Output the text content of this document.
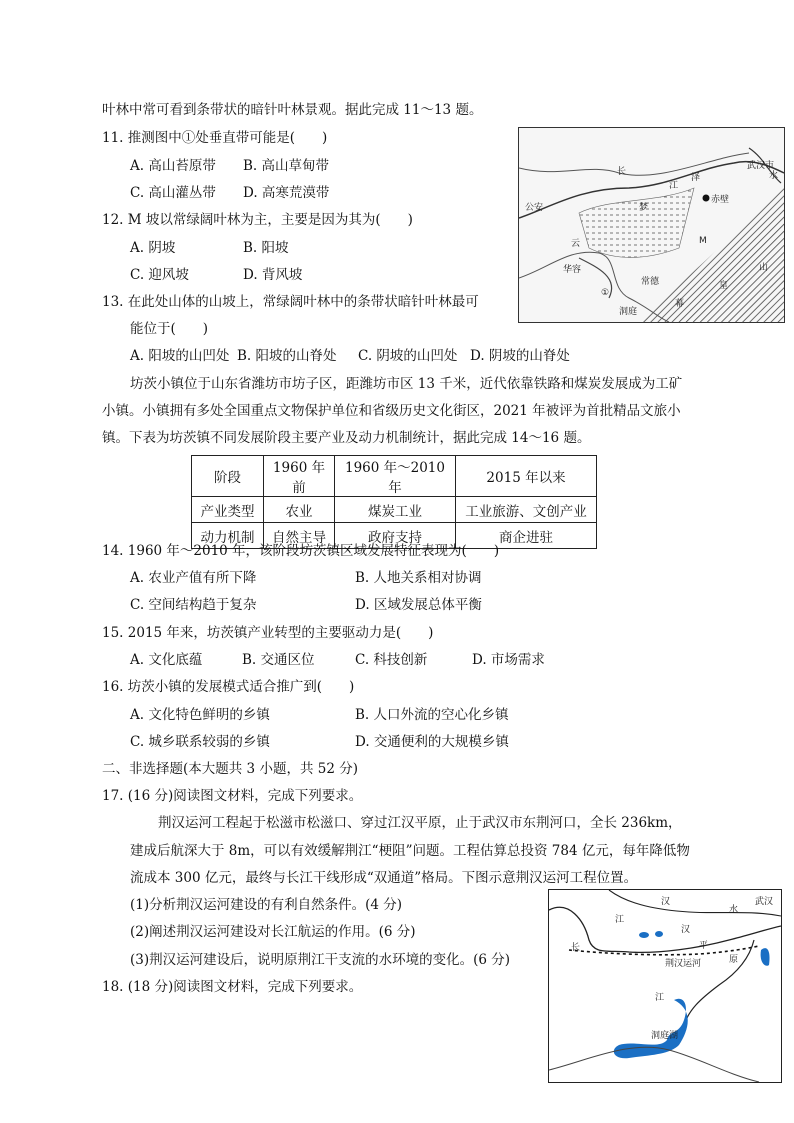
叶林中常可看到条带状的暗针叶林景观。据此完成 11～13 题。
11. 推测图中①处垂直带可能是(　　)
A. 高山苔原带 B. 高山草甸带
C. 高山灌丛带 D. 高寒荒漠带
12. M 坡以常绿阔叶林为主，主要是因为其为(　　)
A. 阴坡	B. 阳坡
C. 迎风坡	D. 背风坡
13. 在此处山体的山坡上，常绿阔叶林中的条带状暗针叶林最可
能位于(　　)
A. 阳坡的山凹处 B. 阳坡的山脊处 C. 阴坡的山凹处 D. 阴坡的山脊处
坊茨小镇位于山东省潍坊市坊子区，距潍坊市区 13 千米，近代依靠铁路和煤炭发展成为工矿
小镇。小镇拥有多处全国重点文物保护单位和省级历史文化街区，2021 年被评为首批精品文旅小
镇。下表为坊茨镇不同发展阶段主要产业及动力机制统计，据此完成 14～16 题。
阶段	1960 年前	1960 年～2010 年	2015 年以来
产业类型	农业	煤炭工业	工业旅游、文创产业
动力机制	自然主导	政府支持	商企进驻
14. 1960 年～2010 年，该阶段坊茨镇区域发展特征表现为(　　)
A. 农业产值有所下降	B. 人地关系相对协调
C. 空间结构趋于复杂	D. 区域发展总体平衡
15. 2015 年来，坊茨镇产业转型的主要驱动力是(　　)
A. 文化底蕴	B. 交通区位	C. 科技创新	D. 市场需求
16. 坊茨小镇的发展模式适合推广到(　　)
A. 文化特色鲜明的乡镇	B. 人口外流的空心化乡镇
C. 城乡联系较弱的乡镇	D. 交通便利的大规模乡镇
二、非选择题(本大题共 3 小题，共 52 分)
17. (16 分)阅读图文材料，完成下列要求。
荆汉运河工程起于松滋市松滋口、穿过江汉平原，止于武汉市东荆河口，全长 236km，
建成后航深大于 8m，可以有效缓解荆江“梗阻”问题。工程估算总投资 784 亿元，每年降低物
流成本 300 亿元，最终与长江干线形成“双通道”格局。下图示意荆汉运河工程位置。
(1)分析荆汉运河建设的有利自然条件。(4 分)
(2)阐述荆汉运河建设对长江航运的作用。(6 分)
(3)荆汉运河建设后，说明原荆江干支流的水环境的变化。(6 分)
18. (18 分)阅读图文材料，完成下列要求。
泽
武汉市
赤壁
公安
云
梦
洞庭
华容
常德
山
皇
幕
长
江
水
①
M
汉
水
武汉
江
汉
长	平
荆汉运河	原
江
洞庭湖
